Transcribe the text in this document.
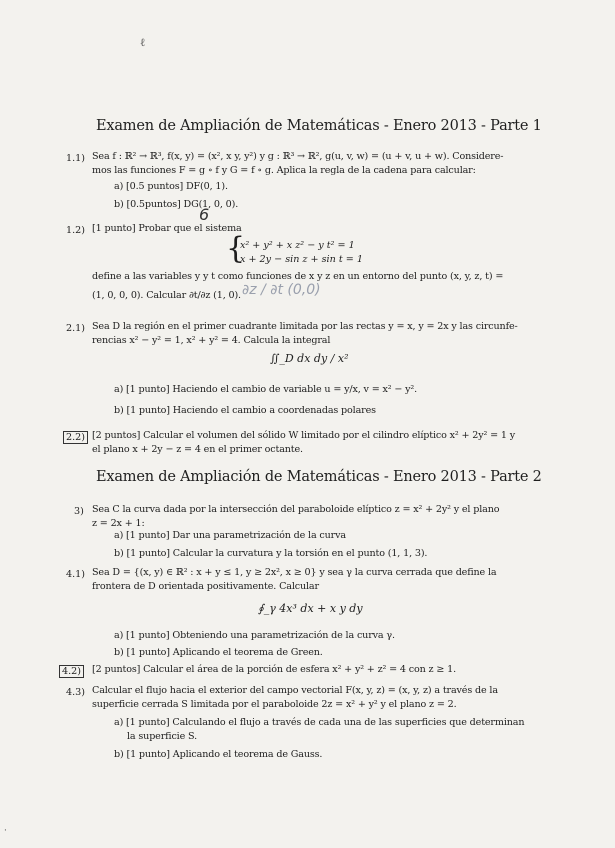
ℓ
Examen de Ampliación de Matemáticas - Enero 2013 - Parte 1
1.1) Sea f : ℝ² → ℝ³, f(x, y) = (x², x y, y²) y g : ℝ³ → ℝ², g(u, v, w) = (u + v, u + w). Considere-
mos las funciones F = g ∘ f y G = f ∘ g. Aplica la regla de la cadena para calcular:
a) [0.5 puntos] DF(0, 1).
b) [0.5puntos] DG(1, 0, 0).
6
1.2) [1 punto] Probar que el sistema
{
x² + y² + x z² − y t² = 1
x + 2y − sin z + sin t = 1
define a las variables y y t como funciones de x y z en un entorno del punto (x, y, z, t) =
(1, 0, 0, 0). Calcular ∂t/∂z (1, 0). ∂z / ∂t (0,0)
2.1) Sea D la región en el primer cuadrante limitada por las rectas y = x, y = 2x y las circunfe-
rencias x² − y² = 1, x² + y² = 4. Calcula la integral
∬_D dx dy / x²
a) [1 punto] Haciendo el cambio de variable u = y/x, v = x² − y².
b) [1 punto] Haciendo el cambio a coordenadas polares
2.2) [2 puntos] Calcular el volumen del sólido W limitado por el cilindro elíptico x² + 2y² = 1 y
el plano x + 2y − z = 4 en el primer octante.
Examen de Ampliación de Matemáticas - Enero 2013 - Parte 2
3) Sea C la curva dada por la intersección del paraboloide elíptico z = x² + 2y² y el plano
z = 2x + 1:
a) [1 punto] Dar una parametrización de la curva
b) [1 punto] Calcular la curvatura y la torsión en el punto (1, 1, 3).
4.1) Sea D = {(x, y) ∈ ℝ² : x + y ≤ 1, y ≥ 2x², x ≥ 0} y sea γ la curva cerrada que define la
frontera de D orientada positivamente. Calcular
∮_γ 4x³ dx + x y dy
a) [1 punto] Obteniendo una parametrización de la curva γ.
b) [1 punto] Aplicando el teorema de Green.
4.2)	[2 puntos] Calcular el área de la porción de esfera x² + y² + z² = 4 con z ≥ 1.
4.3) Calcular el flujo hacia el exterior del campo vectorial F(x, y, z) = (x, y, z) a través de la
superficie cerrada S limitada por el paraboloide 2z = x² + y² y el plano z = 2.
a) [1 punto] Calculando el flujo a través de cada una de las superficies que determinan
la superficie S.
b) [1 punto] Aplicando el teorema de Gauss.
·
